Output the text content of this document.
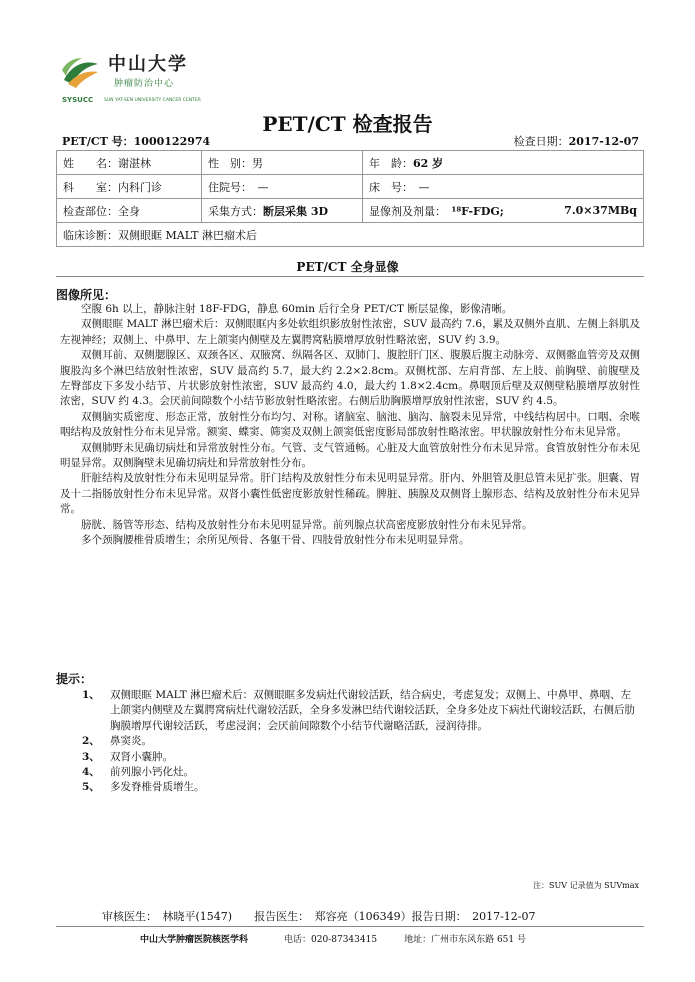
中山大学
肿瘤防治中心
SYSUCC SUN YAT-SEN UNIVERSITY CANCER CENTER
PET/CT 检查报告
PET/CT 号：1000122974	检查日期：2017-12-07
姓　　名：谢湛林	性　别：男	年　龄：62 岁	
科　　室：内科门诊	住院号：　 —	床　号：　 —	
检查部位：全身	采集方式：断层采集 3D	显像剂及剂量：　 ¹⁸F-FDG;	7.0×37MBq
临床诊断：双侧眼眶 MALT 淋巴瘤术后			
PET/CT 全身显像
图像所见：

空腹 6h 以上，静脉注射 18F-FDG，静息 60min 后行全身 PET/CT 断层显像，影像清晰。

双侧眼眶 MALT 淋巴瘤术后：双侧眼眶内多处软组织影放射性浓密，SUV 最高约 7.6，累及双侧外直肌、左侧上斜肌及左视神经；双侧上、中鼻甲、左上颌窦内侧壁及左翼腭窝粘膜增厚放射性略浓密，SUV 约 3.9。

双侧耳前、双侧腮腺区、双颈各区、双腋窝、纵隔各区、双肺门、腹腔肝门区、腹膜后腹主动脉旁、双侧髂血管旁及双侧腹股沟多个淋巴结放射性浓密，SUV 最高约 5.7，最大约 2.2×2.8cm。双侧枕部、左肩背部、左上肢、前胸壁、前腹壁及左臀部皮下多发小结节、片状影放射性浓密，SUV 最高约 4.0，最大约 1.8×2.4cm。鼻咽顶后壁及双侧壁粘膜增厚放射性浓密，SUV 约 4.3。会厌前间隙数个小结节影放射性略浓密。右侧后肋胸膜增厚放射性浓密，SUV 约 4.5。

双侧脑实质密度、形态正常，放射性分布均匀、对称。诸脑室、脑池、脑沟、脑裂未见异常，中线结构居中。口咽、余喉咽结构及放射性分布未见异常。额窦、蝶窦、筛窦及双侧上颌窦低密度影局部放射性略浓密。甲状腺放射性分布未见异常。

双侧肺野未见确切病灶和异常放射性分布。气管、支气管通畅。心脏及大血管放射性分布未见异常。食管放射性分布未见明显异常。双侧胸壁未见确切病灶和异常放射性分布。

肝脏结构及放射性分布未见明显异常。肝门结构及放射性分布未见明显异常。肝内、外胆管及胆总管未见扩张。胆囊、胃及十二指肠放射性分布未见异常。双肾小囊性低密度影放射性稀疏。脾脏、胰腺及双侧肾上腺形态、结构及放射性分布未见异常。

膀胱、肠管等形态、结构及放射性分布未见明显异常。前列腺点状高密度影放射性分布未见异常。

多个颈胸腰椎骨质增生；余所见颅骨、各躯干骨、四肢骨放射性分布未见明显异常。

提示：
1、 双侧眼眶 MALT 淋巴瘤术后：双侧眼眶多发病灶代谢较活跃，结合病史，考虑复发；双侧上、中鼻甲、鼻咽、左上颌窦内侧壁及左翼腭窝病灶代谢较活跃，全身多发淋巴结代谢较活跃，全身多处皮下病灶代谢较活跃，右侧后肋胸膜增厚代谢较活跃，考虑浸润；会厌前间隙数个小结节代谢略活跃，浸润待排。
2、 鼻窦炎。
3、 双肾小囊肿。
4、 前列腺小钙化灶。
5、 多发脊椎骨质增生。
注：SUV 记录值为 SUVmax
审核医生：　 林晓平(1547)　　 报告医生：　 郑容亮（106349）报告日期：　 2017-12-07
中山大学肿瘤医院核医学科　　　　	电话：020-87343415　　　	地址：广州市东风东路 651 号
